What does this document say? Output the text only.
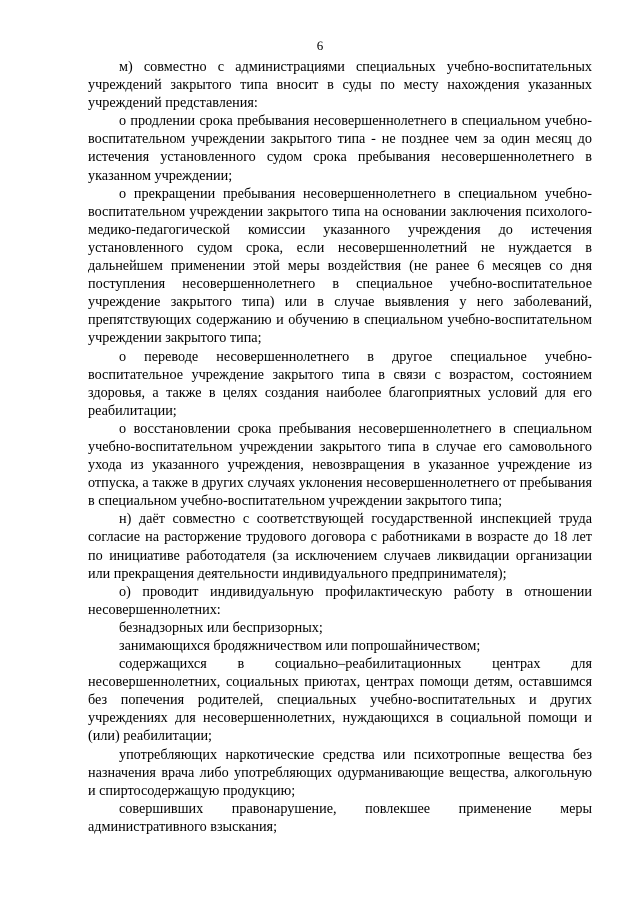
6

м) совместно с администрациями специальных учебно-воспитательных учреждений закрытого типа вносит в суды по месту нахождения указанных учреждений представления:

о продлении срока пребывания несовершеннолетнего в специальном учебно-воспитательном учреждении закрытого типа - не позднее чем за один месяц до истечения установленного судом срока пребывания несовершеннолетнего в указанном учреждении;

о прекращении пребывания несовершеннолетнего в специальном учебно-воспитательном учреждении закрытого типа на основании заключения психолого-медико-педагогической комиссии указанного учреждения до истечения установленного судом срока, если несовершеннолетний не нуждается в дальнейшем применении этой меры воздействия (не ранее 6 месяцев со дня поступления несовершеннолетнего в специальное учебно-воспитательное учреждение закрытого типа) или в случае выявления у него заболеваний, препятствующих содержанию и обучению в специальном учебно-воспитательном учреждении закрытого типа;

о переводе несовершеннолетнего в другое специальное учебно-воспитательное учреждение закрытого типа в связи с возрастом, состоянием здоровья, а также в целях создания наиболее благоприятных условий для его реабилитации;

о восстановлении срока пребывания несовершеннолетнего в специальном учебно-воспитательном учреждении закрытого типа в случае его самовольного ухода из указанного учреждения, невозвращения в указанное учреждение из отпуска, а также в других случаях уклонения несовершеннолетнего от пребывания в специальном учебно-воспитательном учреждении закрытого типа;

н) даёт совместно с соответствующей государственной инспекцией труда согласие на расторжение трудового договора с работниками в возрасте до 18 лет по инициативе работодателя (за исключением случаев ликвидации организации или прекращения деятельности индивидуального предпринимателя);

о) проводит индивидуальную профилактическую работу в отношении несовершеннолетних:

безнадзорных или беспризорных;

занимающихся бродяжничеством или попрошайничеством;

содержащихся в социально–реабилитационных центрах для несовершеннолетних, социальных приютах, центрах помощи детям, оставшимся без попечения родителей, специальных учебно-воспитательных и других учреждениях для несовершеннолетних, нуждающихся в социальной помощи и (или) реабилитации;

употребляющих наркотические средства или психотропные вещества без назначения врача либо употребляющих одурманивающие вещества, алкогольную и спиртосодержащую продукцию;

совершивших правонарушение, повлекшее применение меры административного взыскания;
